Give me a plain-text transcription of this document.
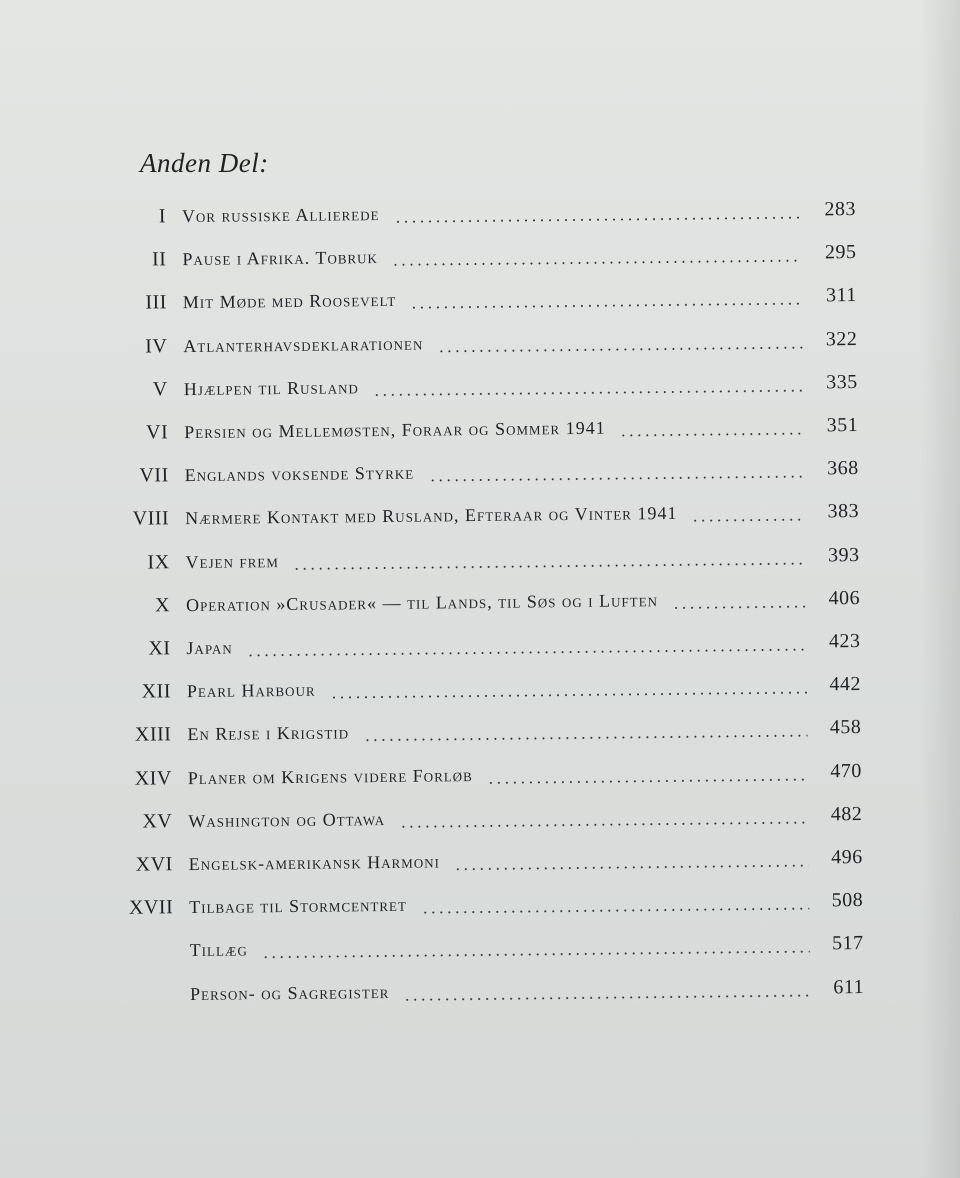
Anden Del:
I Vor russiske Allierede	283
II Pause i Afrika. Tobruk	295
III Mit Møde med Roosevelt	311
IV Atlanterhavsdeklarationen	322
V Hjælpen til Rusland	335
VI Persien og Mellemøsten, Foraar og Sommer 1941	351
VII Englands voksende Styrke	368
VIII Nærmere Kontakt med Rusland, Efteraar og Vinter 1941	383
IX Vejen frem	393
X Operation »Crusader« — til Lands, til Søs og i Luften	406
XI Japan	423
XII Pearl Harbour	442
XIII En Rejse i Krigstid	458
XIV Planer om Krigens videre Forløb	470
XV Washington og Ottawa	482
XVI Engelsk-amerikansk Harmoni	496
XVII Tilbage til Stormcentret	508
Tillæg	517
Person- og Sagregister	611
